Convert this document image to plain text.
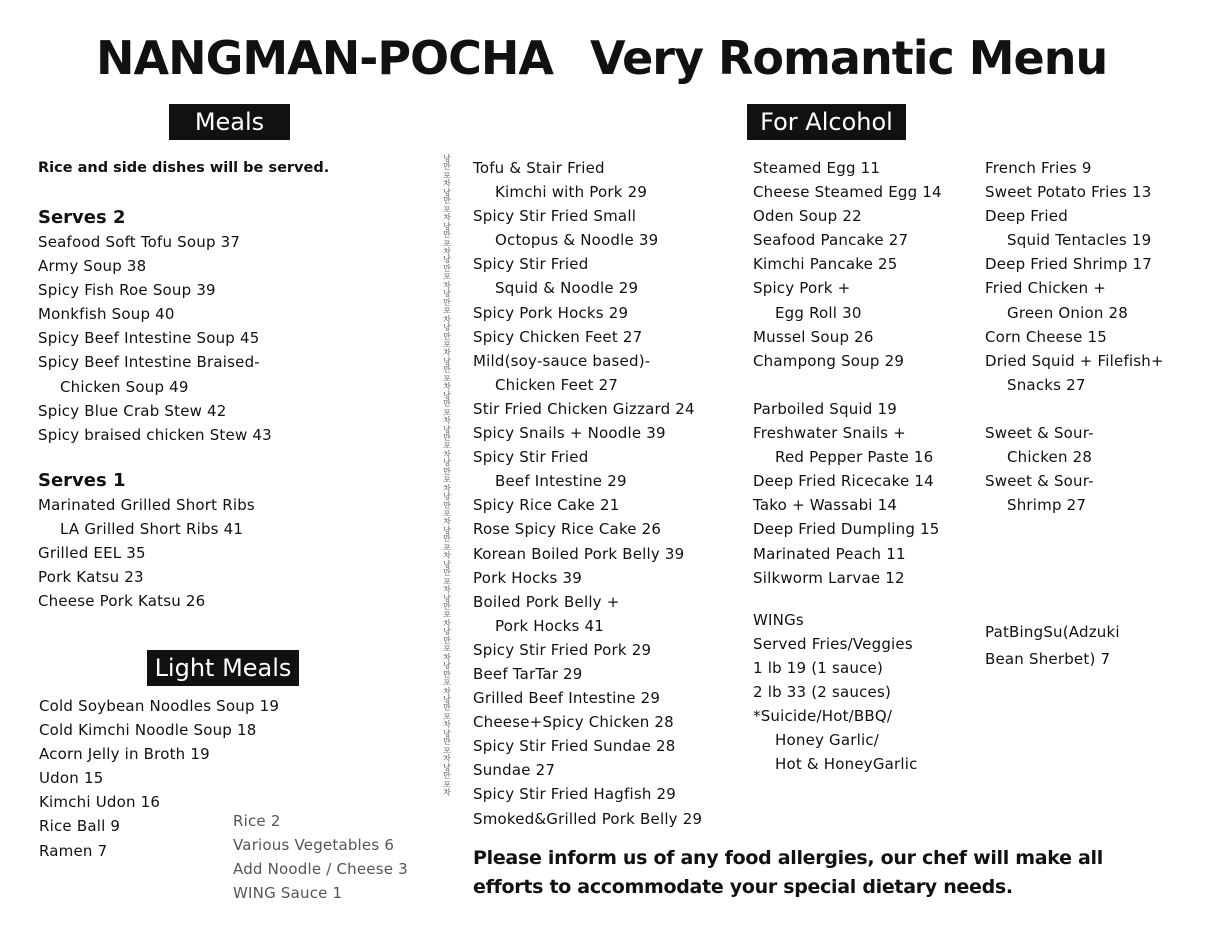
NANGMAN-POCHA Very Romantic Menu
Meals
Light Meals
For Alcohol
Rice and side dishes will be served.
Serves 2
Seafood Soft Tofu Soup 37
Army Soup 38
Spicy Fish Roe Soup 39
Monkfish Soup 40
Spicy Beef Intestine Soup 45
Spicy Beef Intestine Braised-
Chicken Soup 49
Spicy Blue Crab Stew 42
Spicy braised chicken Stew 43
Serves 1
Marinated Grilled Short Ribs
LA Grilled Short Ribs 41
Grilled EEL 35
Pork Katsu 23
Cheese Pork Katsu 26
Cold Soybean Noodles Soup 19
Cold Kimchi Noodle Soup 18
Acorn Jelly in Broth 19
Udon 15
Kimchi Udon 16
Rice Ball 9
Ramen 7
Rice 2
Various Vegetables 6
Add Noodle / Cheese 3
WING Sauce 1
낭
만
포
차
낭
만
포
차
낭
만
포
차
낭
만
포
차
낭
만
포
차
낭
만
포
차
낭
만
포
차
낭
만
포
차
낭
만
포
차
낭
만
포
차
낭
만
포
차
낭
만
포
차
낭
만
포
차
낭
만
포
차
낭
만
포
차
낭
만
포
차
낭
만
포
차
낭
만
포
차
낭
만
포
차
Tofu & Stair Fried
Kimchi with Pork 29
Spicy Stir Fried Small
Octopus & Noodle 39
Spicy Stir Fried
Squid & Noodle 29
Spicy Pork Hocks 29
Spicy Chicken Feet 27
Mild(soy-sauce based)-
Chicken Feet 27
Stir Fried Chicken Gizzard 24
Spicy Snails + Noodle 39
Spicy Stir Fried
Beef Intestine 29
Spicy Rice Cake 21
Rose Spicy Rice Cake 26
Korean Boiled Pork Belly 39
Pork Hocks 39
Boiled Pork Belly +
Pork Hocks 41
Spicy Stir Fried Pork 29
Beef TarTar 29
Grilled Beef Intestine 29
Cheese+Spicy Chicken 28
Spicy Stir Fried Sundae 28
Sundae 27
Spicy Stir Fried Hagfish 29
Smoked&Grilled Pork Belly 29
Steamed Egg 11
Cheese Steamed Egg 14
Oden Soup 22
Seafood Pancake 27
Kimchi Pancake 25
Spicy Pork +
Egg Roll 30
Mussel Soup 26
Champong Soup 29

Parboiled Squid 19
Freshwater Snails +
Red Pepper Paste 16
Deep Fried Ricecake 14
Tako + Wassabi 14
Deep Fried Dumpling 15
Marinated Peach 11
Silkworm Larvae 12
WINGs
Served Fries/Veggies
1 lb 19 (1 sauce)
2 lb 33 (2 sauces)
*Suicide/Hot/BBQ/
Honey Garlic/
Hot & HoneyGarlic
French Fries 9
Sweet Potato Fries 13
Deep Fried
Squid Tentacles 19
Deep Fried Shrimp 17
Fried Chicken +
Green Onion 28
Corn Cheese 15
Dried Squid + Filefish+
Snacks 27

Sweet & Sour-
Chicken 28
Sweet & Sour-
Shrimp 27
PatBingSu(Adzuki
Bean Sherbet) 7
Please inform us of any food allergies, our chef will make all
efforts to accommodate your special dietary needs.
